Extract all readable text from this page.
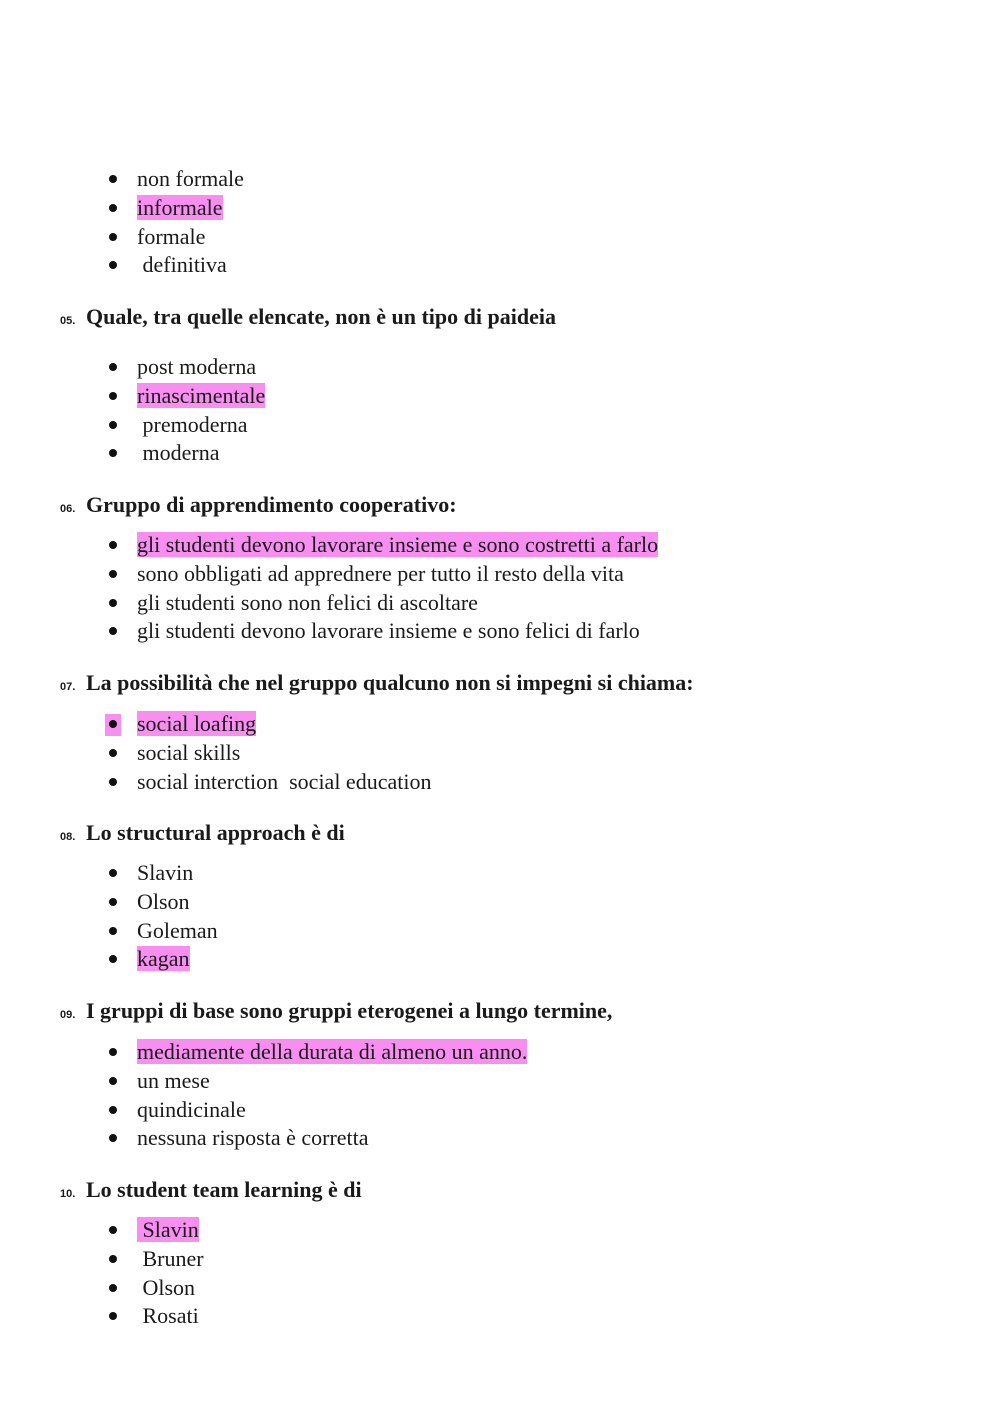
non formale
informale
formale
definitiva
05. Quale, tra quelle elencate, non è un tipo di paideia
post moderna
rinascimentale
premoderna
moderna
06. Gruppo di apprendimento cooperativo:
gli studenti devono lavorare insieme e sono costretti a farlo
sono obbligati ad apprednere per tutto il resto della vita
gli studenti sono non felici di ascoltare
gli studenti devono lavorare insieme e sono felici di farlo
07. La possibilità che nel gruppo qualcuno non si impegni si chiama:
social loafing
social skills
social interction  social education
08. Lo structural approach è di
Slavin
Olson
Goleman
kagan
09. I gruppi di base sono gruppi eterogenei a lungo termine,
mediamente della durata di almeno un anno.
un mese
quindicinale
nessuna risposta è corretta
10. Lo student team learning è di
Slavin
Bruner
Olson
Rosati
